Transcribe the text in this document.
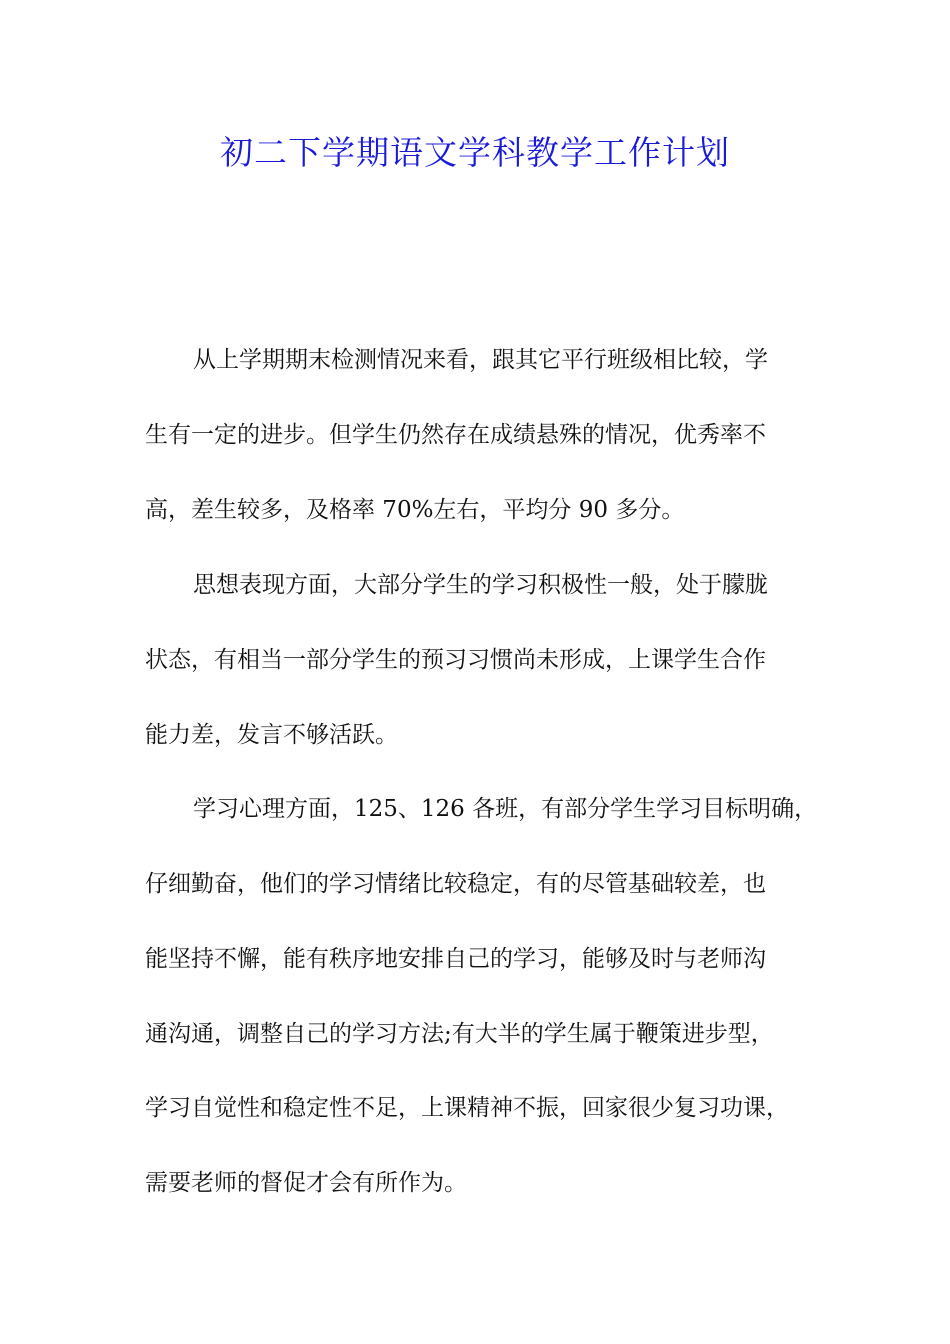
初二下学期语文学科教学工作计划
从上学期期末检测情况来看，跟其它平行班级相比较，学
生有一定的进步。但学生仍然存在成绩悬殊的情况，优秀率不
高，差生较多，及格率 70%左右，平均分 90 多分。
思想表现方面，大部分学生的学习积极性一般，处于朦胧
状态，有相当一部分学生的预习习惯尚未形成，上课学生合作
能力差，发言不够活跃。
学习心理方面，125、126 各班，有部分学生学习目标明确，
仔细勤奋，他们的学习情绪比较稳定，有的尽管基础较差，也
能坚持不懈，能有秩序地安排自己的学习，能够及时与老师沟
通沟通，调整自己的学习方法;有大半的学生属于鞭策进步型，
学习自觉性和稳定性不足，上课精神不振，回家很少复习功课，
需要老师的督促才会有所作为。
